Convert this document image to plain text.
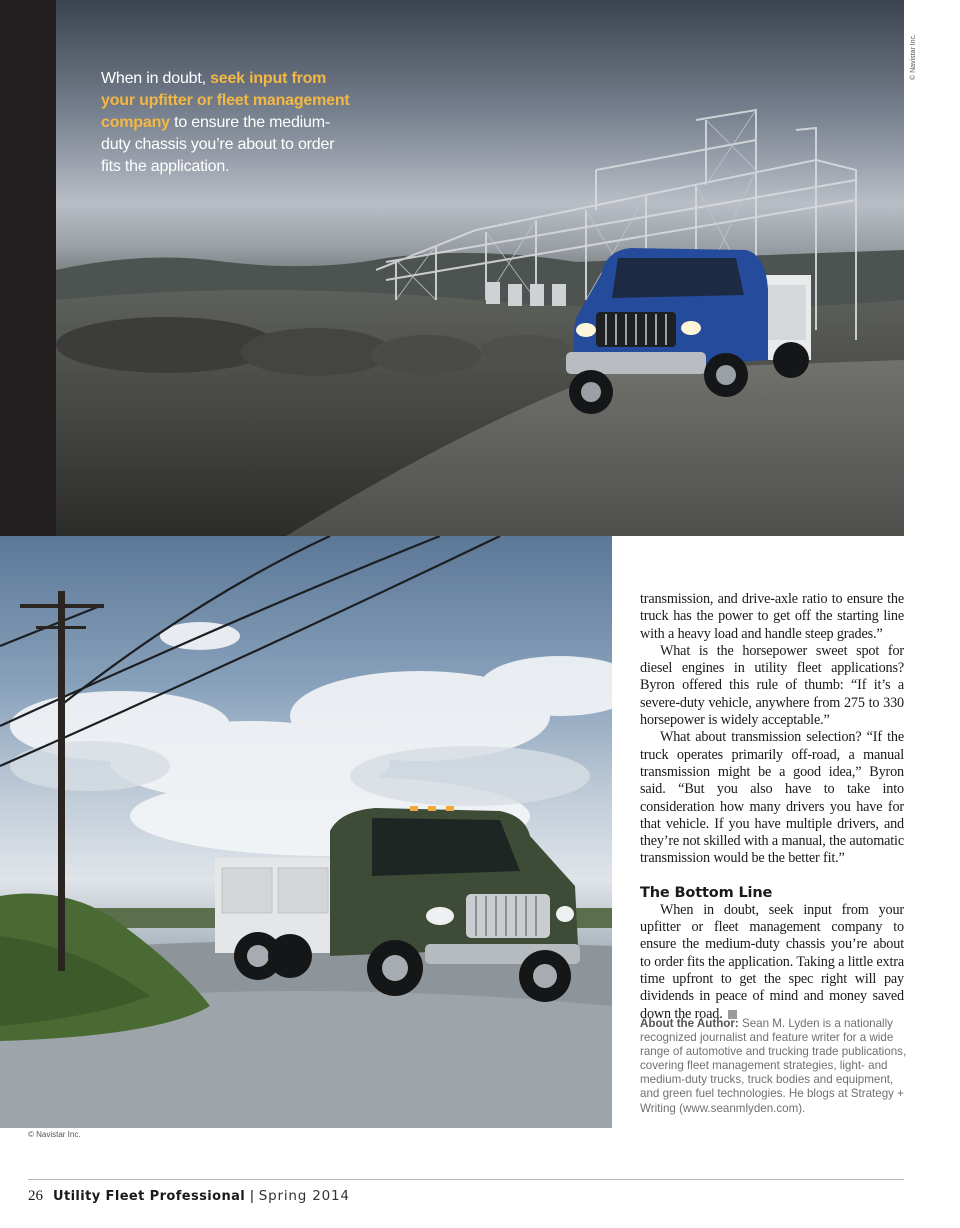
When in doubt, seek input from your upfitter or fleet management company to ensure the medium-duty chassis you’re about to order fits the application.
© Navistar Inc.
© Navistar Inc.

transmission, and drive-axle ratio to ensure the truck has the power to get off the starting line with a heavy load and handle steep grades.”

What is the horsepower sweet spot for diesel engines in utility fleet applications? Byron offered this rule of thumb: “If it’s a severe-duty vehicle, anywhere from 275 to 330 horsepower is widely acceptable.”

What about transmission selection? “If the truck operates primarily off-road, a manual transmission might be a good idea,” Byron said. “But you also have to take into consideration how many drivers you have for that vehicle. If you have multiple drivers, and they’re not skilled with a manual, the automatic transmission would be the better fit.”

The Bottom Line

When in doubt, seek input from your upfitter or fleet management company to ensure the medium-duty chassis you’re about to order fits the application. Taking a little extra time upfront to get the spec right will pay dividends in peace of mind and money saved down the road.

About the Author: Sean M. Lyden is a nationally recognized journalist and feature writer for a wide range of automotive and trucking trade publications, covering fleet management strategies, light- and medium-duty trucks, truck bodies and equipment, and green fuel technologies. He blogs at Strategy + Writing (www.seanmlyden.com).
26 Utility Fleet Professional | Spring 2014
